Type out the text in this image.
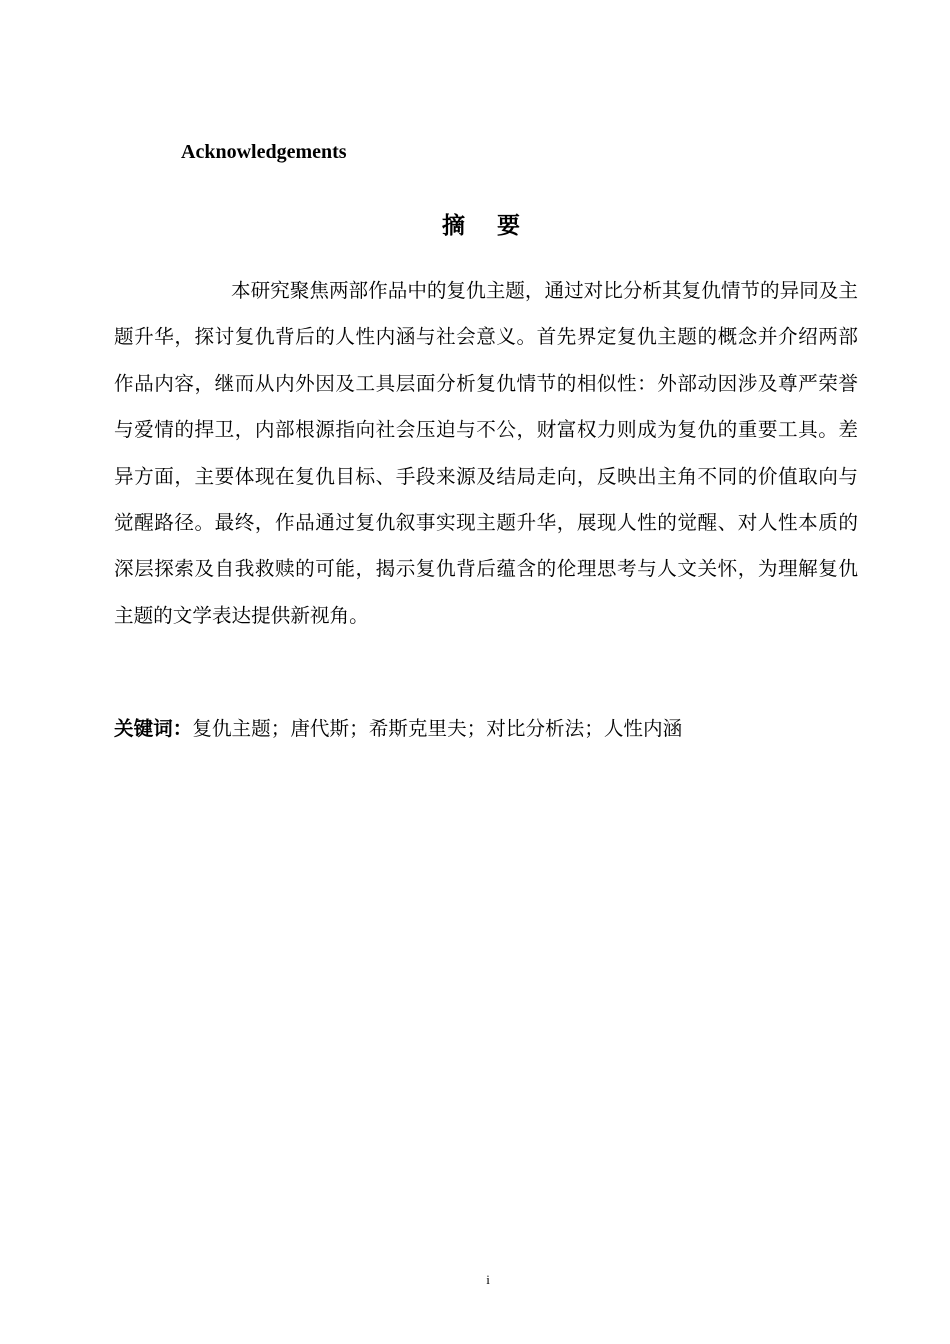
Acknowledgements
摘 要

本研究聚焦两部作品中的复仇主题，通过对比分析其复仇情节的异同及主题升华，探讨复仇背后的人性内涵与社会意义。首先界定复仇主题的概念并介绍两部作品内容，继而从内外因及工具层面分析复仇情节的相似性：外部动因涉及尊严荣誉与爱情的捍卫，内部根源指向社会压迫与不公，财富权力则成为复仇的重要工具。差异方面，主要体现在复仇目标、手段来源及结局走向，反映出主角不同的价值取向与觉醒路径。最终，作品通过复仇叙事实现主题升华，展现人性的觉醒、对人性本质的深层探索及自我救赎的可能，揭示复仇背后蕴含的伦理思考与人文关怀，为理解复仇主题的文学表达提供新视角。

关键词：复仇主题；唐代斯；希斯克里夫；对比分析法；人性内涵

i
